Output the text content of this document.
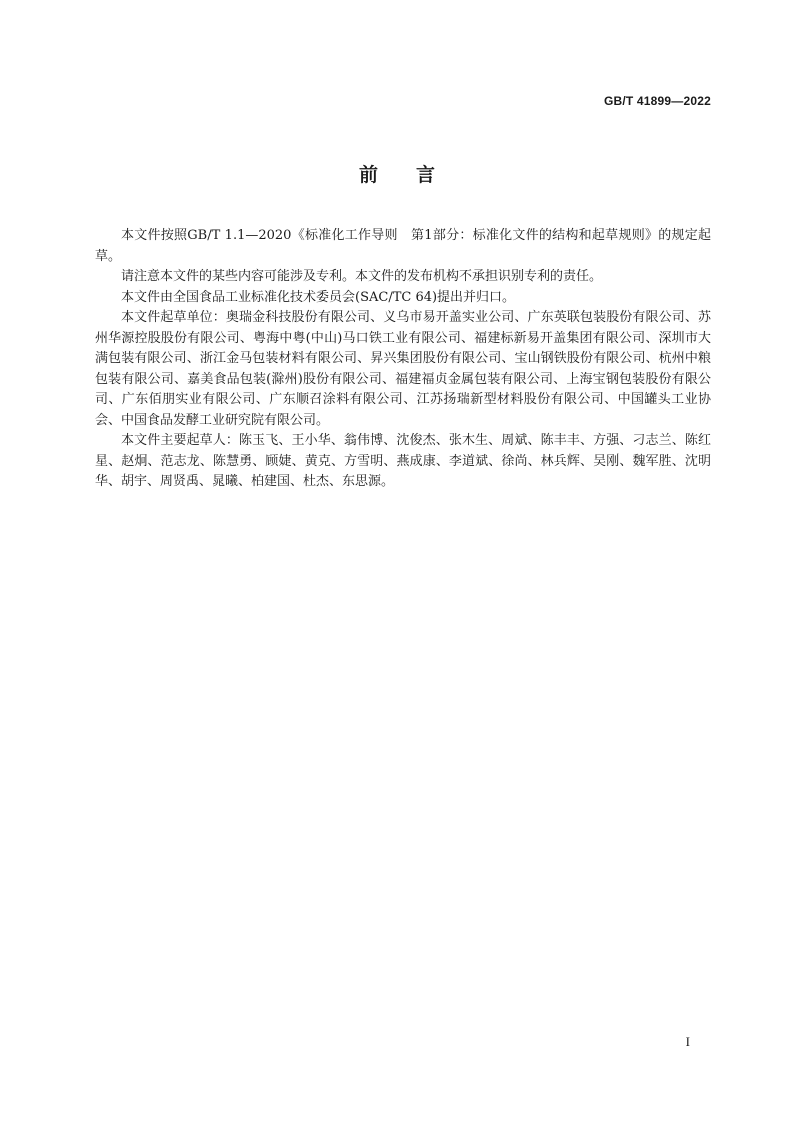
GB/T 41899—2022
前言

本文件按照GB/T 1.1—2020《标准化工作导则　第1部分：标准化文件的结构和起草规则》的规定起草。

请注意本文件的某些内容可能涉及专利。本文件的发布机构不承担识别专利的责任。

本文件由全国食品工业标准化技术委员会(SAC/TC 64)提出并归口。

本文件起草单位：奥瑞金科技股份有限公司、义乌市易开盖实业公司、广东英联包装股份有限公司、苏州华源控股股份有限公司、粤海中粤(中山)马口铁工业有限公司、福建标新易开盖集团有限公司、深圳市大满包装有限公司、浙江金马包装材料有限公司、昇兴集团股份有限公司、宝山钢铁股份有限公司、杭州中粮包装有限公司、嘉美食品包装(滁州)股份有限公司、福建福贞金属包装有限公司、上海宝钢包装股份有限公司、广东佰朋实业有限公司、广东顺召涂料有限公司、江苏扬瑞新型材料股份有限公司、中国罐头工业协会、中国食品发酵工业研究院有限公司。

本文件主要起草人：陈玉飞、王小华、翁伟博、沈俊杰、张木生、周斌、陈丰丰、方强、刁志兰、陈红星、赵炯、范志龙、陈慧勇、顾婕、黄克、方雪明、燕成康、李道斌、徐尚、林兵辉、吴刚、魏军胜、沈明华、胡宇、周贤禹、晁曦、柏建国、杜杰、东思源。

I
